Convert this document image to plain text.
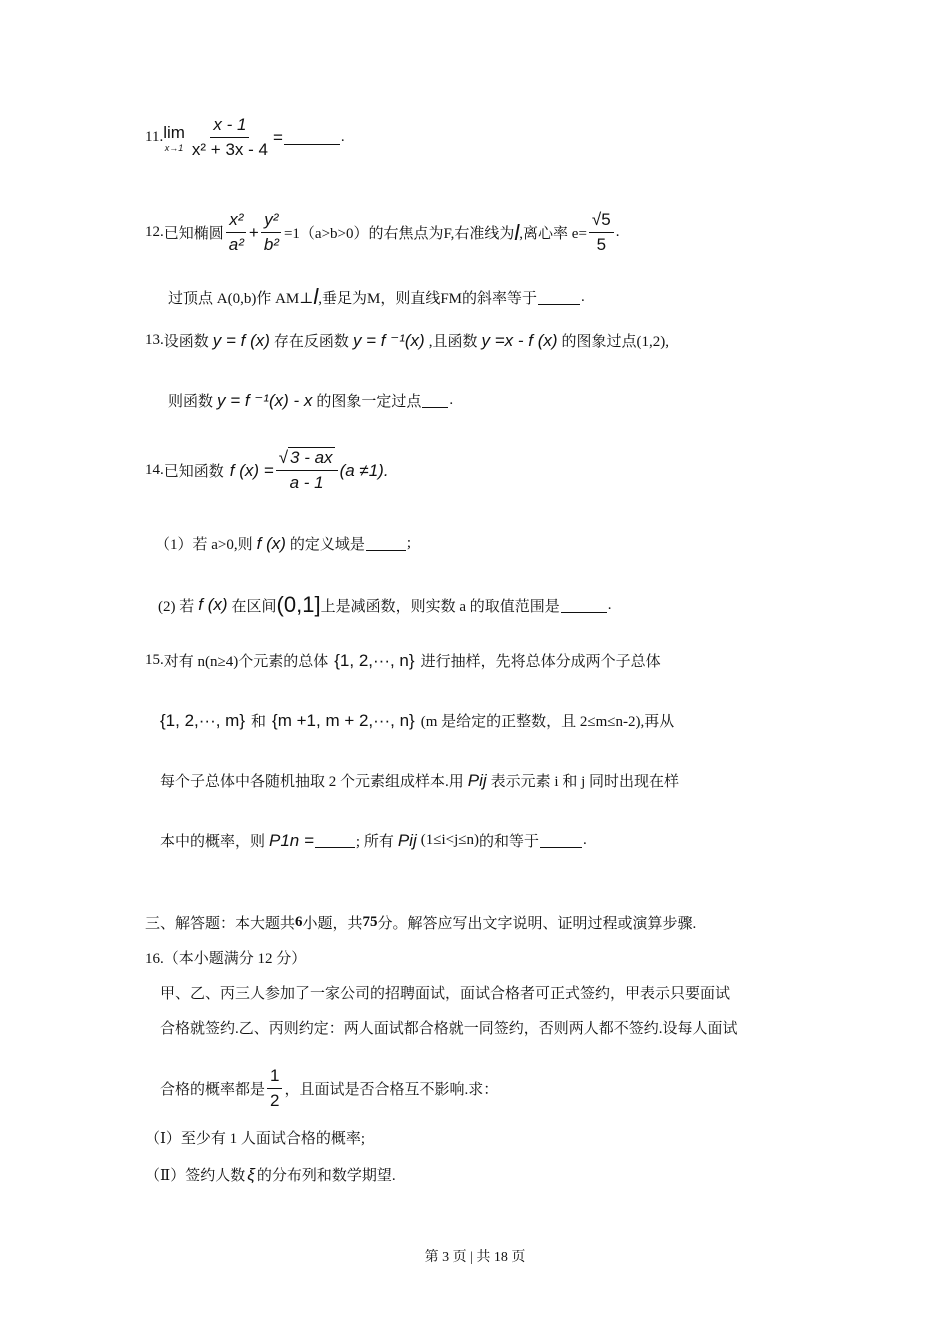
11. lim
$x\to 1 \frac{x - 1}{\text{x² + 3x - 4}}$ =	.
12. 已知椭圆 $\frac{\text{x²}}{\text{a²}} + \frac{\text{y²}}{\text{b²}} =1(a>b>0)$的右焦点为F,右准线为 l ,离心率 $e= \frac{√5}{5}$ .
过顶点 A(0,b)作 AM⊥ l ,垂足为M，则直线FM的斜率等于	.
13. 设函数 y = f (x) 存在反函数 y = f ⁻¹(x) ,且函数 y =x - f (x) 的图象过点(1,2),
则函数 y = f ⁻¹(x) - x 的图象一定过点 .
14. 已知函数 f $(x) = \frac{√ 3 - ax}{a - 1} (a \ne 1)$.
（1）若 a>0,则 f (x) 的定义域是	;
(2) 若 f (x) 在区间 (0,1] 上是减函数，则实数 a 的取值范围是	.
15. 对有 n(n≥4)个元素的总体 {1, 2,···, n} 进行抽样，先将总体分成两个子总体
{1, 2,···, m} 和 {m +1, m + 2,···, n} (m 是给定的正整数，且 2≤m≤n-2),再从
每个子总体中各随机抽取 2 个元素组成样本.用 Pij 表示元素 i 和 j 同时出现在样
本中的概率，则 P1n =	; 所有 Pij (1≤i<j≤n) 的和等于	.
三、解答题：本大题共 6 小题，共 75 分。解答应写出文字说明、证明过程或演算步骤.
16.（本小题满分 12 分）
甲、乙、丙三人参加了一家公司的招聘面试，面试合格者可正式签约，甲表示只要面试
合格就签约.乙、丙则约定：两人面试都合格就一同签约，否则两人都不签约.设每人面试
合格的概率都是 $\frac{1}{2}$ ，且面试是否合格互不影响.求：
（Ⅰ）至少有 1 人面试合格的概率;
（Ⅱ）签约人数 ξ 的分布列和数学期望.
第 3 页 | 共 18 页
